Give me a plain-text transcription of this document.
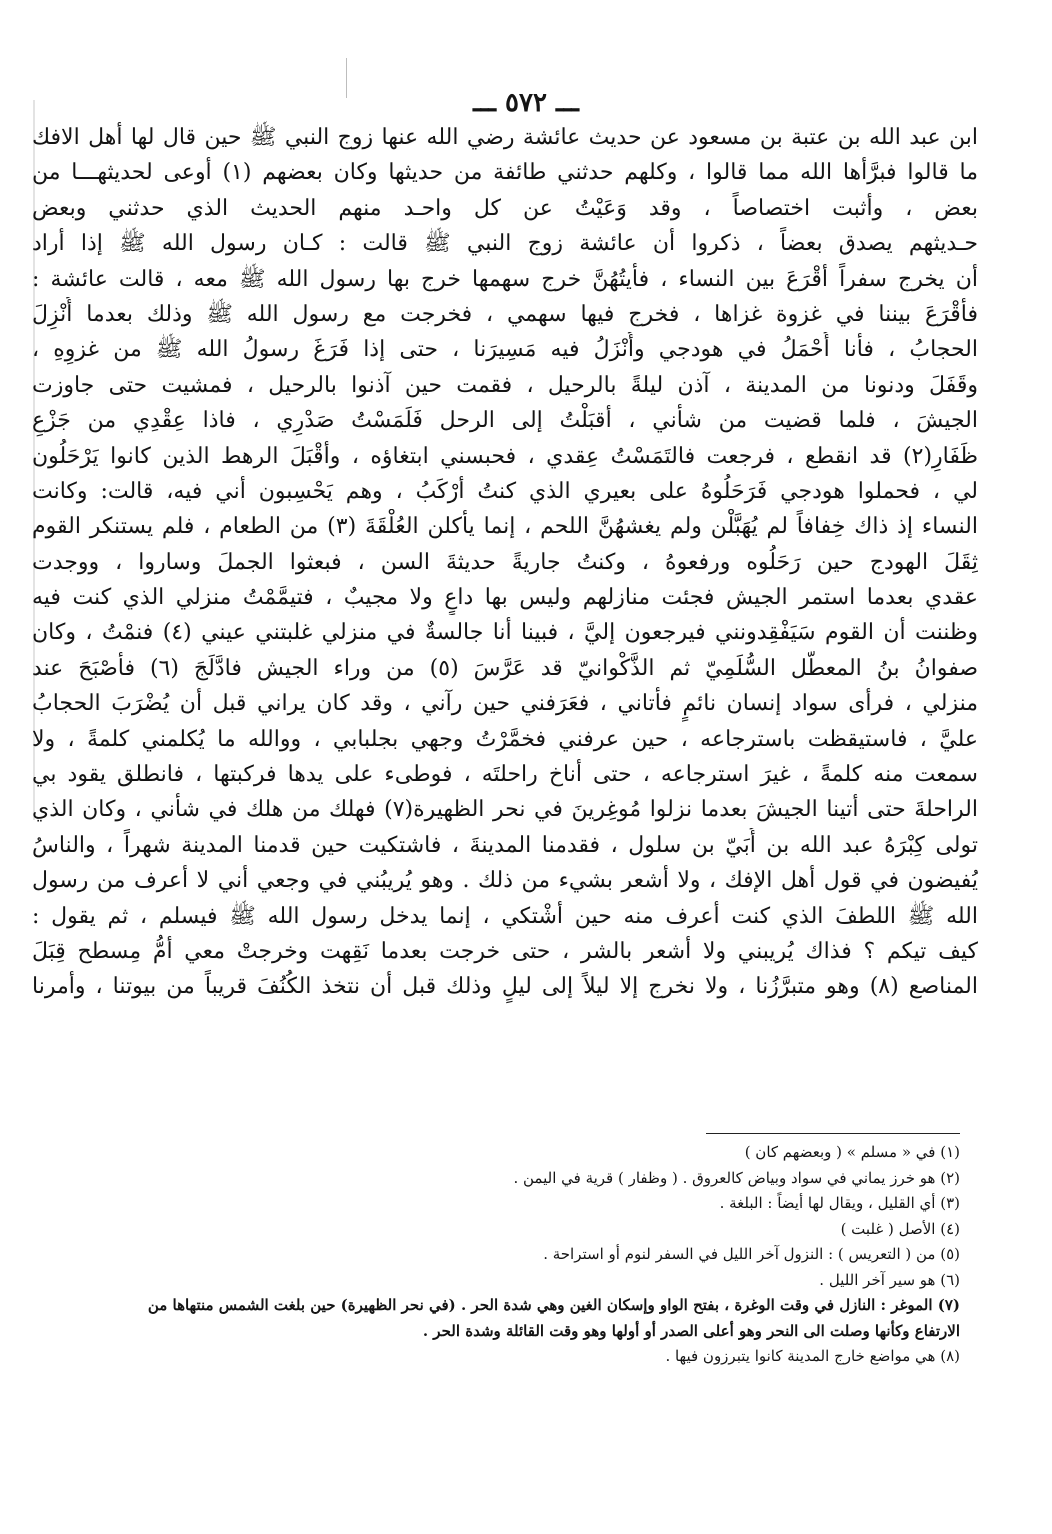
ـــ ٥٧٢ ـــ
ابن عبد الله بن عتبة بن مسعود عن حديث عائشة رضي الله عنها زوج النبي ﷺ حين قال لها أهل الافك
ما قالوا فبرَّأها الله مما قالوا ، وكلهم حدثني طائفة من حديثها وكان بعضهم (١) أوعى لحديثهـــا من
بعض ، وأثبت اختصاصاً ، وقد وَعَيْتُ عن كل واحـد منهم الحديث الذي حدثني وبعض
حـديثهم يصدق بعضاً ، ذكروا أن عائشة زوج النبي ﷺ قالت : كـان رسول الله ﷺ إذا أراد
أن يخرج سفراً أقْرَعَ بين النساء ، فأيتُهُنَّ خرج سهمها خرج بها رسول الله ﷺ معه ، قالت عائشة :
فأقْرَعَ بيننا في غزوة غزاها ، فخرج فيها سهمي ، فخرجت مع رسول الله ﷺ وذلك بعدما أُنْزِلَ
الحجابُ ، فأنا أُحْمَلُ في هودجي وأُنْزَلُ فيه مَسِيرَنا ، حتى إذا فَرَغَ رسولُ الله ﷺ من غزوِهِ ،
وقَفَلَ ودنونا من المدينة ، آذن ليلةً بالرحيل ، فقمت حين آذنوا بالرحيل ، فمشيت حتى جاوزت
الجيشَ ، فلما قضيت من شأني ، أقبَلْتُ إلى الرحل فَلَمَسْتُ صَدْرِي ، فاذا عِقْدِي من جَزْعِ
ظَفَارِ(٢) قد انقطع ، فرجعت فالتَمَسْتُ عِقدي ، فحبسني ابتغاؤه ، وأقْبَلَ الرهط الذين كانوا يَرْحَلُون
لي ، فحملوا هودجي فَرَحَلُوهُ على بعيري الذي كنتُ أرْكَبُ ، وهم يَحْسِبون أني فيه، قالت: وكانت
النساء إذ ذاك خِفافاً لم يُهَبَّلْن ولم يغشهُنَّ اللحم ، إنما يأكلن العُلْقَةَ (٣) من الطعام ، فلم يستنكر القوم
ثِقَلَ الهودج حين رَحَلُوه ورفعوهُ ، وكنتُ جاريةً حديثةَ السن ، فبعثوا الجملَ وساروا ، ووجدت
عقدي بعدما استمر الجيش فجئت منازلهم وليس بها داعٍ ولا مجيبٌ ، فتيمَّمْتُ منزلي الذي كنت فيه
وظننت أن القوم سَيَفْقِدونني فيرجعون إليَّ ، فبينا أنا جالسةٌ في منزلي غلبتني عيني (٤) فنمْتُ ، وكان
صفوانُ بنُ المعطّل السُّلَمِيّ ثم الذَّكْوانيّ قد عَرَّسَ (٥) من وراء الجيش فادَّلَجَ (٦) فأصْبَحَ عند
منزلي ، فرأى سواد إنسان نائمٍ فأتاني ، فعَرَفني حين رآني ، وقد كان يراني قبل أن يُضْرَبَ الحجابُ
عليَّ ، فاستيقظت باسترجاعه ، حين عرفني فخمَّرْتُ وجهي بجلبابي ، ووالله ما يُكلمني كلمةً ، ولا
سمعت منه كلمةً ، غيرَ استرجاعه ، حتى أناخ راحلتَه ، فوطىء على يدها فركبتها ، فانطلق يقود بي
الراحلةَ حتى أتينا الجيشَ بعدما نزلوا مُوغِرينَ في نحر الظهيرة(٧) فهلك من هلك في شأني ، وكان الذي
تولى كِبْرَهُ عبد الله بن أُبَيّ بن سلول ، فقدمنا المدينةَ ، فاشتكيت حين قدمنا المدينة شهراً ، والناسُ
يُفيضون في قول أهل الإفك ، ولا أشعر بشيء من ذلك . وهو يُريبُني في وجعي أني لا أعرف من رسول
الله ﷺ اللطفَ الذي كنت أعرف منه حين أشْتكي ، إنما يدخل رسول الله ﷺ فيسلم ، ثم يقول :
كيف تيكم ؟ فذاك يُريبني ولا أشعر بالشر ، حتى خرجت بعدما نَقِهت وخرجتْ معي أمُّ مِسطح قِبَلَ
المناصع (٨) وهو متبرَّزُنا ، ولا نخرج إلا ليلاً إلى ليلٍ وذلك قبل أن نتخذ الكُنُفَ قريباً من بيوتنا ، وأمرنا
(١) في « مسلم » ( وبعضهم كان )
(٢) هو خرز يماني في سواد وبياض كالعروق . ( وظفار ) قرية في اليمن .
(٣) أي القليل ، ويقال لها أيضاً : البلغة .
(٤) الأصل ( غلبت )
(٥) من ( التعريس ) : النزول آخر الليل في السفر لنوم أو استراحة .
(٦) هو سير آخر الليل .
(٧) الموغر : النازل في وقت الوغرة ، بفتح الواو وإسكان الغين وهي شدة الحر . (في نحر الظهيرة) حين بلغت الشمس منتهاها من
الارتفاع وكأنها وصلت الى النحر وهو أعلى الصدر أو أولها وهو وقت القائلة وشدة الحر .
(٨) هي مواضع خارج المدينة كانوا يتبرزون فيها .
